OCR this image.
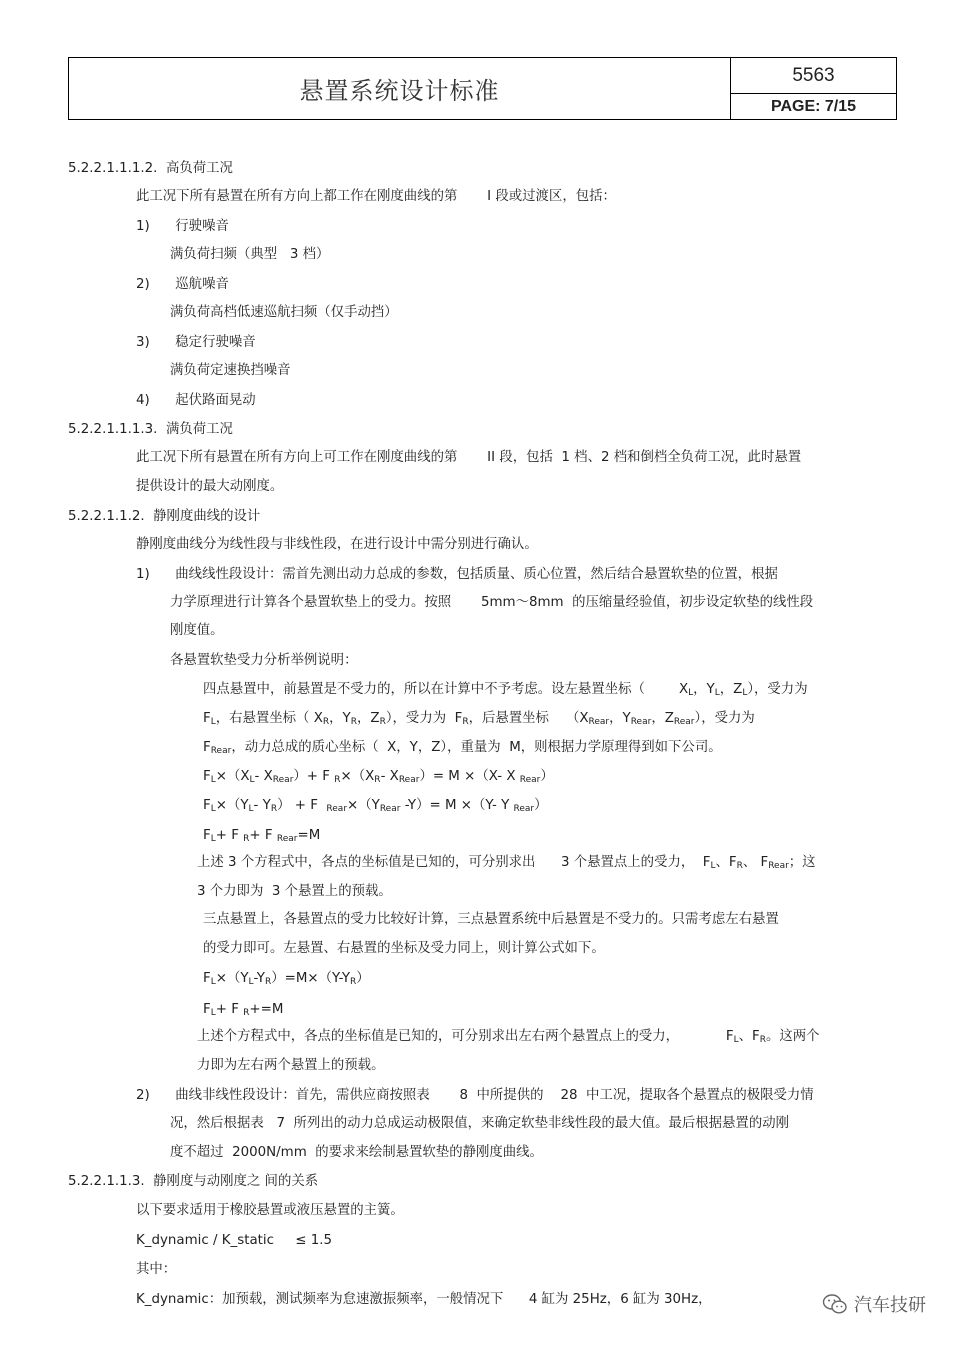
悬置系统设计标准
5563
PAGE: 7/15
5.2.2.1.1.1.2.  高负荷工况
此工况下所有悬置在所有方向上都工作在刚度曲线的第       I 段或过渡区，包括：
1)      行驶噪音
满负荷扫频（典型   3 档）
2)      巡航噪音
满负荷高档低速巡航扫频（仅手动挡）
3)      稳定行驶噪音
满负荷定速换挡噪音
4)      起伏路面晃动
5.2.2.1.1.1.3.  满负荷工况
此工况下所有悬置在所有方向上可工作在刚度曲线的第       II 段，包括  1 档、2 档和倒档全负荷工况，此时悬置
提供设计的最大动刚度。
5.2.2.1.1.2.  静刚度曲线的设计
静刚度曲线分为线性段与非线性段，在进行设计中需分别进行确认。
1)      曲线线性段设计：需首先测出动力总成的参数，包括质量、质心位置，然后结合悬置软垫的位置，根据
力学原理进行计算各个悬置软垫上的受力。按照       5mm～8mm  的压缩量经验值，初步设定软垫的线性段
刚度值。
各悬置软垫受力分析举例说明：
四点悬置中，前悬置是不受力的，所以在计算中不予考虑。设左悬置坐标（        $X_L$，$Y_L$，$Z_L$），受力为
$F_L$，右悬置坐标（ $X_R$，$Y_R$，$Z_R$），受力为  $F_R$，后悬置坐标    （$X_{Rear}$，$Y_{Rear}$，$Z_{Rear}$），受力为
$F_{Rear}$，动力总成的质心坐标（  X，Y，Z），重量为  M，则根据力学原理得到如下公司。
$F_L\times(X_L-$ $X_{Rear})+ F$ $_R\times(X_R-$ $X_{Rear})= M \times(X-$ X $_{Rear}$）
$F_L\times(Y_L-$ $Y_R) + F$  $_{Rear}\times(Y_{Rear}$ -Y）= M ×（Y- Y $_{Rear}$）
$F_L+ F$ $_R$+ F $_{Rear}$=M
上述 3 个方程式中，各点的坐标值是已知的，可分别求出      3 个悬置点上的受力，  $F_L$、$F_R$、 $F_{Rear}$；这
3 个力即为  3 个悬置上的预载。
三点悬置上，各悬置点的受力比较好计算，三点悬置系统中后悬置是不受力的。只需考虑左右悬置
的受力即可。左悬置、右悬置的坐标及受力同上，则计算公式如下。
$F_L\times(Y_L-Y_R)=M\times(Y-Y_R)$
$F_L+ F$ $_R$+=M
上述个方程式中，各点的坐标值是已知的，可分别求出左右两个悬置点上的受力，           $F_L$、$F_R$。这两个
力即为左右两个悬置上的预载。
2)      曲线非线性段设计：首先，需供应商按照表       8  中所提供的    28  中工况，提取各个悬置点的极限受力情
况，然后根据表   7  所列出的动力总成运动极限值，来确定软垫非线性段的最大值。最后根据悬置的动刚
度不超过  2000N/mm  的要求来绘制悬置软垫的静刚度曲线。
5.2.2.1.1.3.  静刚度与动刚度之 间的关系
以下要求适用于橡胶悬置或液压悬置的主簧。
K_dynamic / K_static     ≤ 1.5
其中：
K_dynamic：加预载，测试频率为怠速激振频率，一般情况下      4 缸为 25Hz，6 缸为 30Hz，	汽车技研
